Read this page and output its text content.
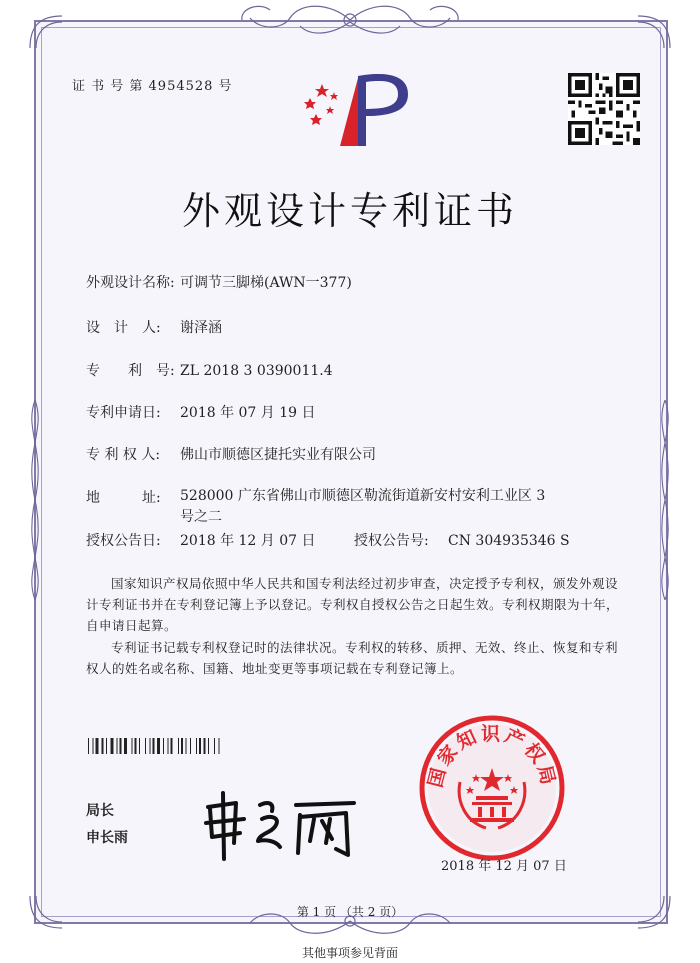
证 书 号 第 4954528 号
外观设计专利证书
外观设计名称: 可调节三脚梯(AWN一377)
设　计　人: 谢泽涵
专　　利　号: ZL 2018 3 0390011.4
专利申请日: 2018 年 07 月 19 日
专 利 权 人: 佛山市顺德区捷托实业有限公司
地　　　址:	528000 广东省佛山市顺德区勒流街道新安村安利工业区 3 号之二
授权公告日: 2018 年 12 月 07 日	授权公告号: CN 304935346 S
国家知识产权局依照中华人民共和国专利法经过初步审查，决定授予专利权，颁发外观设计专利证书并在专利登记簿上予以登记。专利权自授权公告之日起生效。专利权期限为十年，自申请日起算。
专利证书记载专利权登记时的法律状况。专利权的转移、质押、无效、终止、恢复和专利权人的姓名或名称、国籍、地址变更等事项记载在专利登记簿上。
局长
申长雨
国家知识产权局
2018 年 12 月 07 日
第 1 页 （共 2 页）
其他事项参见背面
